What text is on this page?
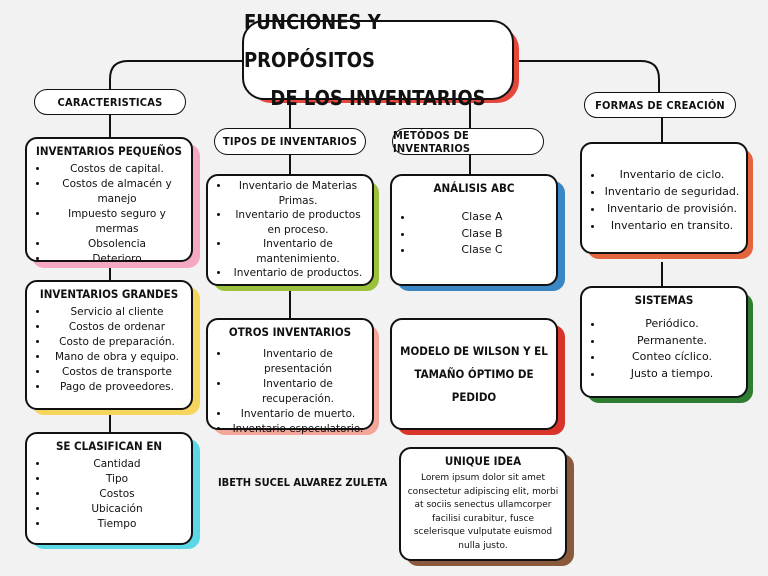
FUNCIONES Y PROPÓSITOS
DE LOS INVENTARIOS
CARACTERISTICAS
TIPOS DE INVENTARIOS	METÓDOS DE INVENTARIOS
FORMAS DE CREACIÓN
INVENTARIOS PEQUEÑOS
• Costos de capital.
• Costos de almacén y manejo
• Impuesto seguro y mermas
• Obsolencia
• Deterioro
INVENTARIOS GRANDES
• Servicio al cliente
• Costos de ordenar
• Costo de preparación.
• Mano de obra y equipo.
• Costos de transporte
• Pago de proveedores.
SE CLASIFICAN EN
• Cantidad
• Tipo
• Costos
• Ubicación
• Tiempo
• Inventario de Materias Primas.
• Inventario de productos en proceso.
• Inventario de mantenimiento.
• Inventario de productos.
OTROS INVENTARIOS
• Inventario de presentación
• Inventario de recuperación.
• Inventario de muerto.
• Inventario especulatorio.
ANÁLISIS ABC
• Clase A
• Clase B
• Clase C
MODELO DE WILSON Y EL
TAMAÑO ÓPTIMO DE PEDIDO
UNIQUE IDEA
Lorem ipsum dolor sit amet consectetur adipiscing elit, morbi at sociis senectus ullamcorper facilisi curabitur, fusce scelerisque vulputate euismod nulla justo.
• Inventario de ciclo.
• Inventario de seguridad.
• Inventario de provisión.
• Inventario en transito.
SISTEMAS
• Periódico.
• Permanente.
• Conteo cíclico.
• Justo a tiempo.
IBETH SUCEL ALVAREZ ZULETA
